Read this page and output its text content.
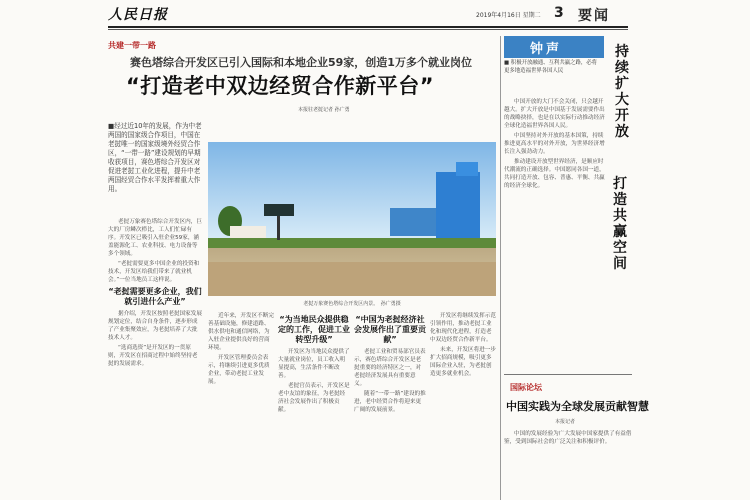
人民日报	2019年4月16日 星期二 3 要闻
共建一带一路
赛色塔综合开发区已引入国际和本地企业59家，创造1万多个就业岗位
“打造老中双边经贸合作新平台”
本报驻老挝记者 孙广勇
■经过近10年的发展，作为中老两国的国家级合作项目，中国在老挝唯一的国家级境外经贸合作区，“一带一路”建设规划的早期收获项目，赛色塔综合开发区对促进老挝工业化进程，提升中老两国经贸合作水平发挥着重大作用。
老挝万象赛色塔综合开发区内景。　孙广勇摄

老挝万象赛色塔综合开发区内，巨大的厂房鳞次栉比，工人们忙碌有序。开发区已吸引入驻企业59家，涵盖能源化工、农业科技、电力设备等多个领域。

“老挝需要更多中国企业的投资和技术，开发区给我们带来了就业机会。”一位当地员工这样说。

“老挝需要更多企业，我们就引进什么产业”

据介绍，开发区按照老挝国家发展规划定位，结合自身条件，逐步形成了产业集聚效应，为老挝培养了大批技术人才。

“选商选资”是开发区的一贯原则，开发区在招商过程中始终坚持老挝的发展需求。

近年来，开发区不断完善基础设施，修建道路、供水供电和通信网络，为入驻企业提供良好的营商环境。

开发区管理委员会表示，将继续引进更多优质企业，带动老挝工业发展。

“为当地民众提供稳定的工作，促进工业转型升级”

开发区为当地民众提供了大量就业岗位，员工收入明显提高，生活条件不断改善。

老挝官员表示，开发区是老中友谊的象征，为老挝经济社会发展作出了积极贡献。

“中国为老挝经济社会发展作出了重要贡献”

老挝工业和贸易部官员表示，赛色塔综合开发区是老挝重要的经济特区之一，对老挝经济发展具有重要意义。

随着“一带一路”建设的推进，老中经贸合作将迎来更广阔的发展前景。

开发区将继续发挥示范引领作用，推动老挝工业化和现代化进程，打造老中双边经贸合作新平台。

未来，开发区将进一步扩大招商规模，吸引更多国际企业入驻，为老挝创造更多就业机会。

钟声
■ 积极开放融通、互利共赢之路，必将更多地造福世界各国人民
持续扩大开放
打造共赢空间

中国开放的大门不会关闭，只会越开越大。扩大开放是中国基于发展需要作出的战略抉择，也是在以实际行动推动经济全球化造福世界各国人民。

中国坚持对外开放的基本国策，持续推进更高水平的对外开放，为世界经济增长注入强劲动力。

推动建设开放型世界经济，是顺应时代潮流的正确选择。中国愿同各国一道，共同打造开放、包容、普惠、平衡、共赢的经济全球化。

国际论坛
中国实践为全球发展贡献智慧
本报记者

中国的发展经验为广大发展中国家提供了有益借鉴，受到国际社会的广泛关注和积极评价。
